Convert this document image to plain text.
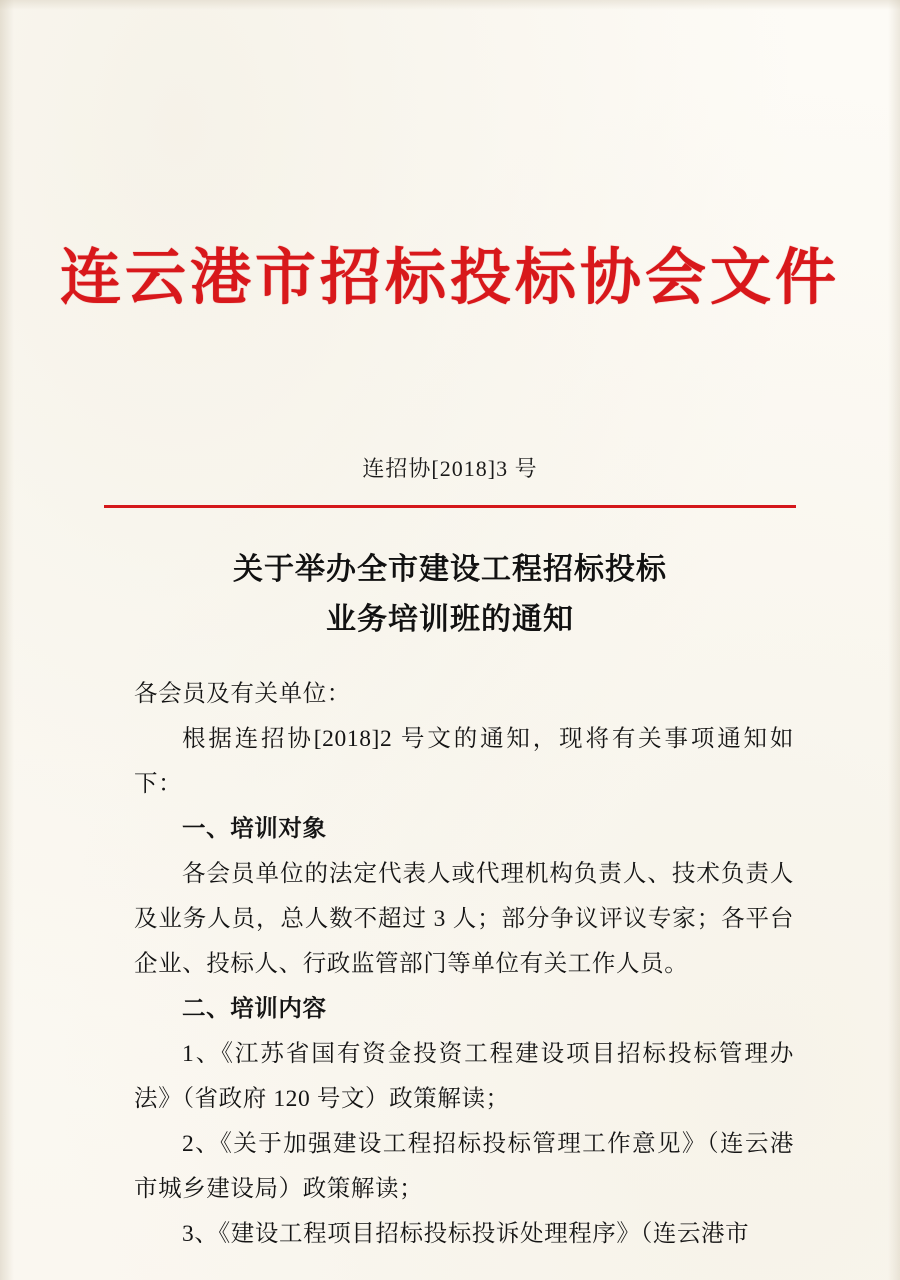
连云港市招标投标协会文件
连招协[2018]3 号
关于举办全市建设工程招标投标
业务培训班的通知

各会员及有关单位：

根据连招协[2018]2 号文的通知，现将有关事项通知如下：

一、培训对象

各会员单位的法定代表人或代理机构负责人、技术负责人及业务人员，总人数不超过 3 人；部分争议评议专家；各平台企业、投标人、行政监管部门等单位有关工作人员。

二、培训内容

1、《江苏省国有资金投资工程建设项目招标投标管理办法》（省政府 120 号文）政策解读；

2、《关于加强建设工程招标投标管理工作意见》（连云港市城乡建设局）政策解读；

3、《建设工程项目招标投标投诉处理程序》（连云港市
